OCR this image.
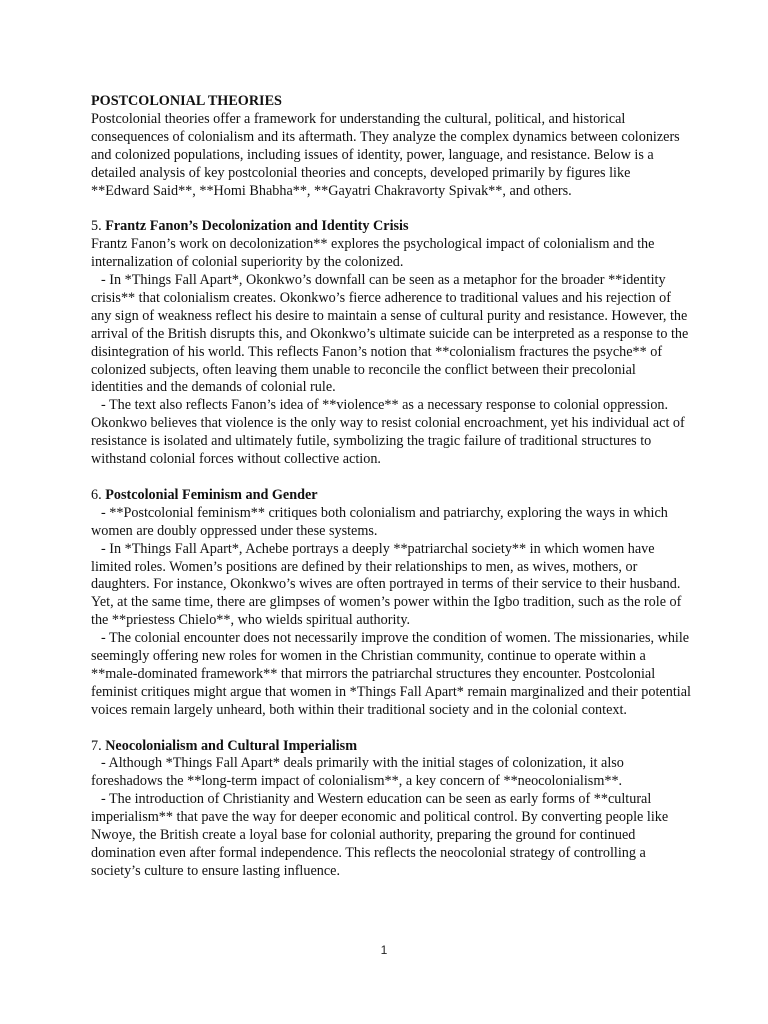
POSTCOLONIAL THEORIES

Postcolonial theories offer a framework for understanding the cultural, political, and historical consequences of colonialism and its aftermath. They analyze the complex dynamics between colonizers and colonized populations, including issues of identity, power, language, and resistance. Below is a detailed analysis of key postcolonial theories and concepts, developed primarily by figures like **Edward Said**, **Homi Bhabha**, **Gayatri Chakravorty Spivak**, and others.

5. Frantz Fanon’s Decolonization and Identity Crisis

Frantz Fanon’s work on decolonization** explores the psychological impact of colonialism and the internalization of colonial superiority by the colonized.

- In *Things Fall Apart*, Okonkwo’s downfall can be seen as a metaphor for the broader **identity crisis** that colonialism creates. Okonkwo’s fierce adherence to traditional values and his rejection of any sign of weakness reflect his desire to maintain a sense of cultural purity and resistance. However, the arrival of the British disrupts this, and Okonkwo’s ultimate suicide can be interpreted as a response to the disintegration of his world. This reflects Fanon’s notion that **colonialism fractures the psyche** of colonized subjects, often leaving them unable to reconcile the conflict between their precolonial identities and the demands of colonial rule.

- The text also reflects Fanon’s idea of **violence** as a necessary response to colonial oppression. Okonkwo believes that violence is the only way to resist colonial encroachment, yet his individual act of resistance is isolated and ultimately futile, symbolizing the tragic failure of traditional structures to withstand colonial forces without collective action.

6. Postcolonial Feminism and Gender

- **Postcolonial feminism** critiques both colonialism and patriarchy, exploring the ways in which women are doubly oppressed under these systems.

- In *Things Fall Apart*, Achebe portrays a deeply **patriarchal society** in which women have limited roles. Women’s positions are defined by their relationships to men, as wives, mothers, or daughters. For instance, Okonkwo’s wives are often portrayed in terms of their service to their husband. Yet, at the same time, there are glimpses of women’s power within the Igbo tradition, such as the role of the **priestess Chielo**, who wields spiritual authority.

- The colonial encounter does not necessarily improve the condition of women. The missionaries, while seemingly offering new roles for women in the Christian community, continue to operate within a **male-dominated framework** that mirrors the patriarchal structures they encounter. Postcolonial feminist critiques might argue that women in *Things Fall Apart* remain marginalized and their potential voices remain largely unheard, both within their traditional society and in the colonial context.

7. Neocolonialism and Cultural Imperialism

- Although *Things Fall Apart* deals primarily with the initial stages of colonization, it also foreshadows the **long-term impact of colonialism**, a key concern of **neocolonialism**.

- The introduction of Christianity and Western education can be seen as early forms of **cultural imperialism** that pave the way for deeper economic and political control. By converting people like Nwoye, the British create a loyal base for colonial authority, preparing the ground for continued domination even after formal independence. This reflects the neocolonial strategy of controlling a society’s culture to ensure lasting influence.

1
